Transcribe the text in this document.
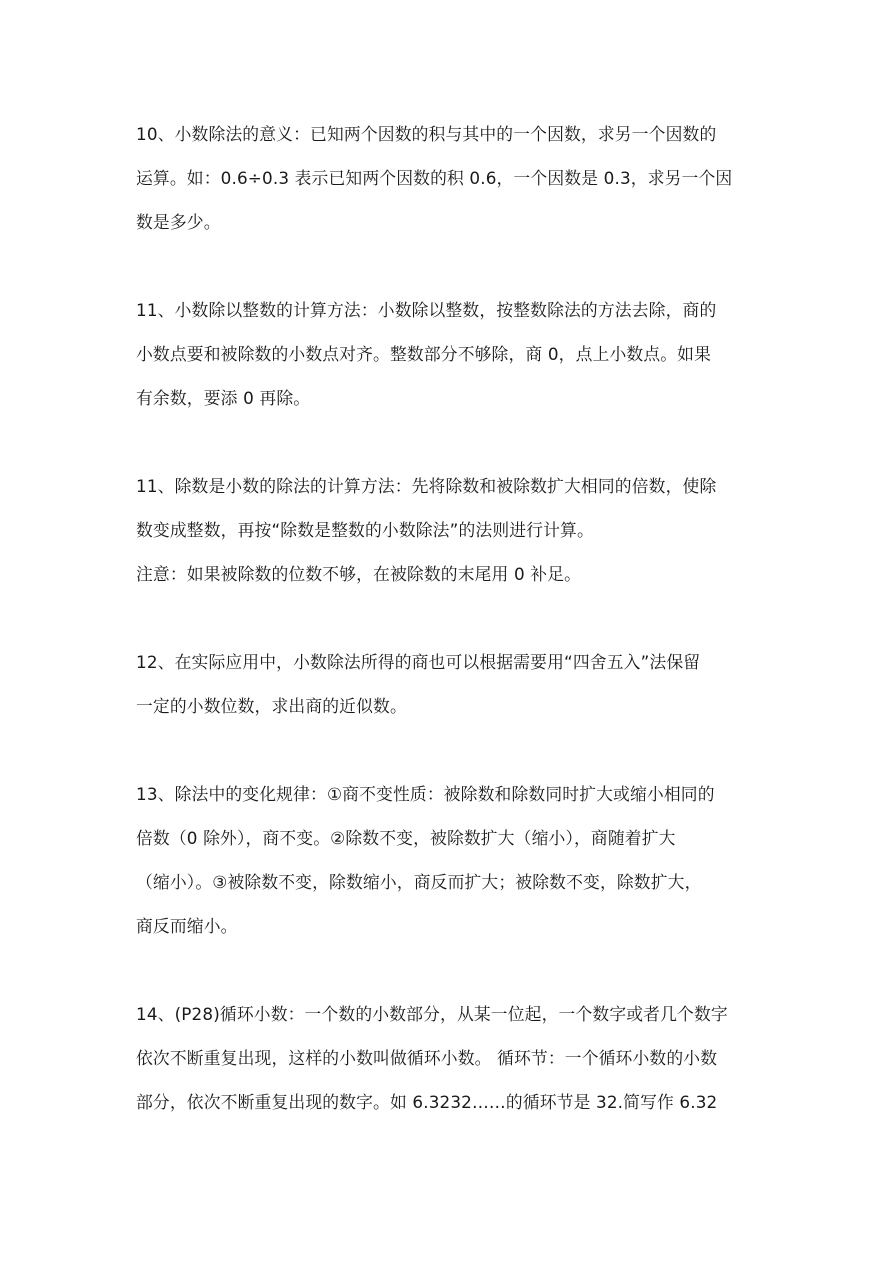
10、小数除法的意义：已知两个因数的积与其中的一个因数，求另一个因数的
运算。如：0.6÷0.3 表示已知两个因数的积 0.6，一个因数是 0.3，求另一个因
数是多少。

11、小数除以整数的计算方法：小数除以整数，按整数除法的方法去除，商的
小数点要和被除数的小数点对齐。整数部分不够除，商 0，点上小数点。如果
有余数，要添 0 再除。

11、除数是小数的除法的计算方法：先将除数和被除数扩大相同的倍数，使除
数变成整数，再按“除数是整数的小数除法”的法则进行计算。

注意：如果被除数的位数不够，在被除数的末尾用 0 补足。

12、在实际应用中，小数除法所得的商也可以根据需要用“四舍五入”法保留
一定的小数位数，求出商的近似数。

13、除法中的变化规律：①商不变性质：被除数和除数同时扩大或缩小相同的
倍数（0 除外），商不变。②除数不变，被除数扩大（缩小），商随着扩大
（缩小）。③被除数不变，除数缩小，商反而扩大；被除数不变，除数扩大，
商反而缩小。

14、(P28)循环小数：一个数的小数部分，从某一位起，一个数字或者几个数字
依次不断重复出现，这样的小数叫做循环小数。 循环节：一个循环小数的小数
部分，依次不断重复出现的数字。如 6.3232……的循环节是 32.简写作 6.32
